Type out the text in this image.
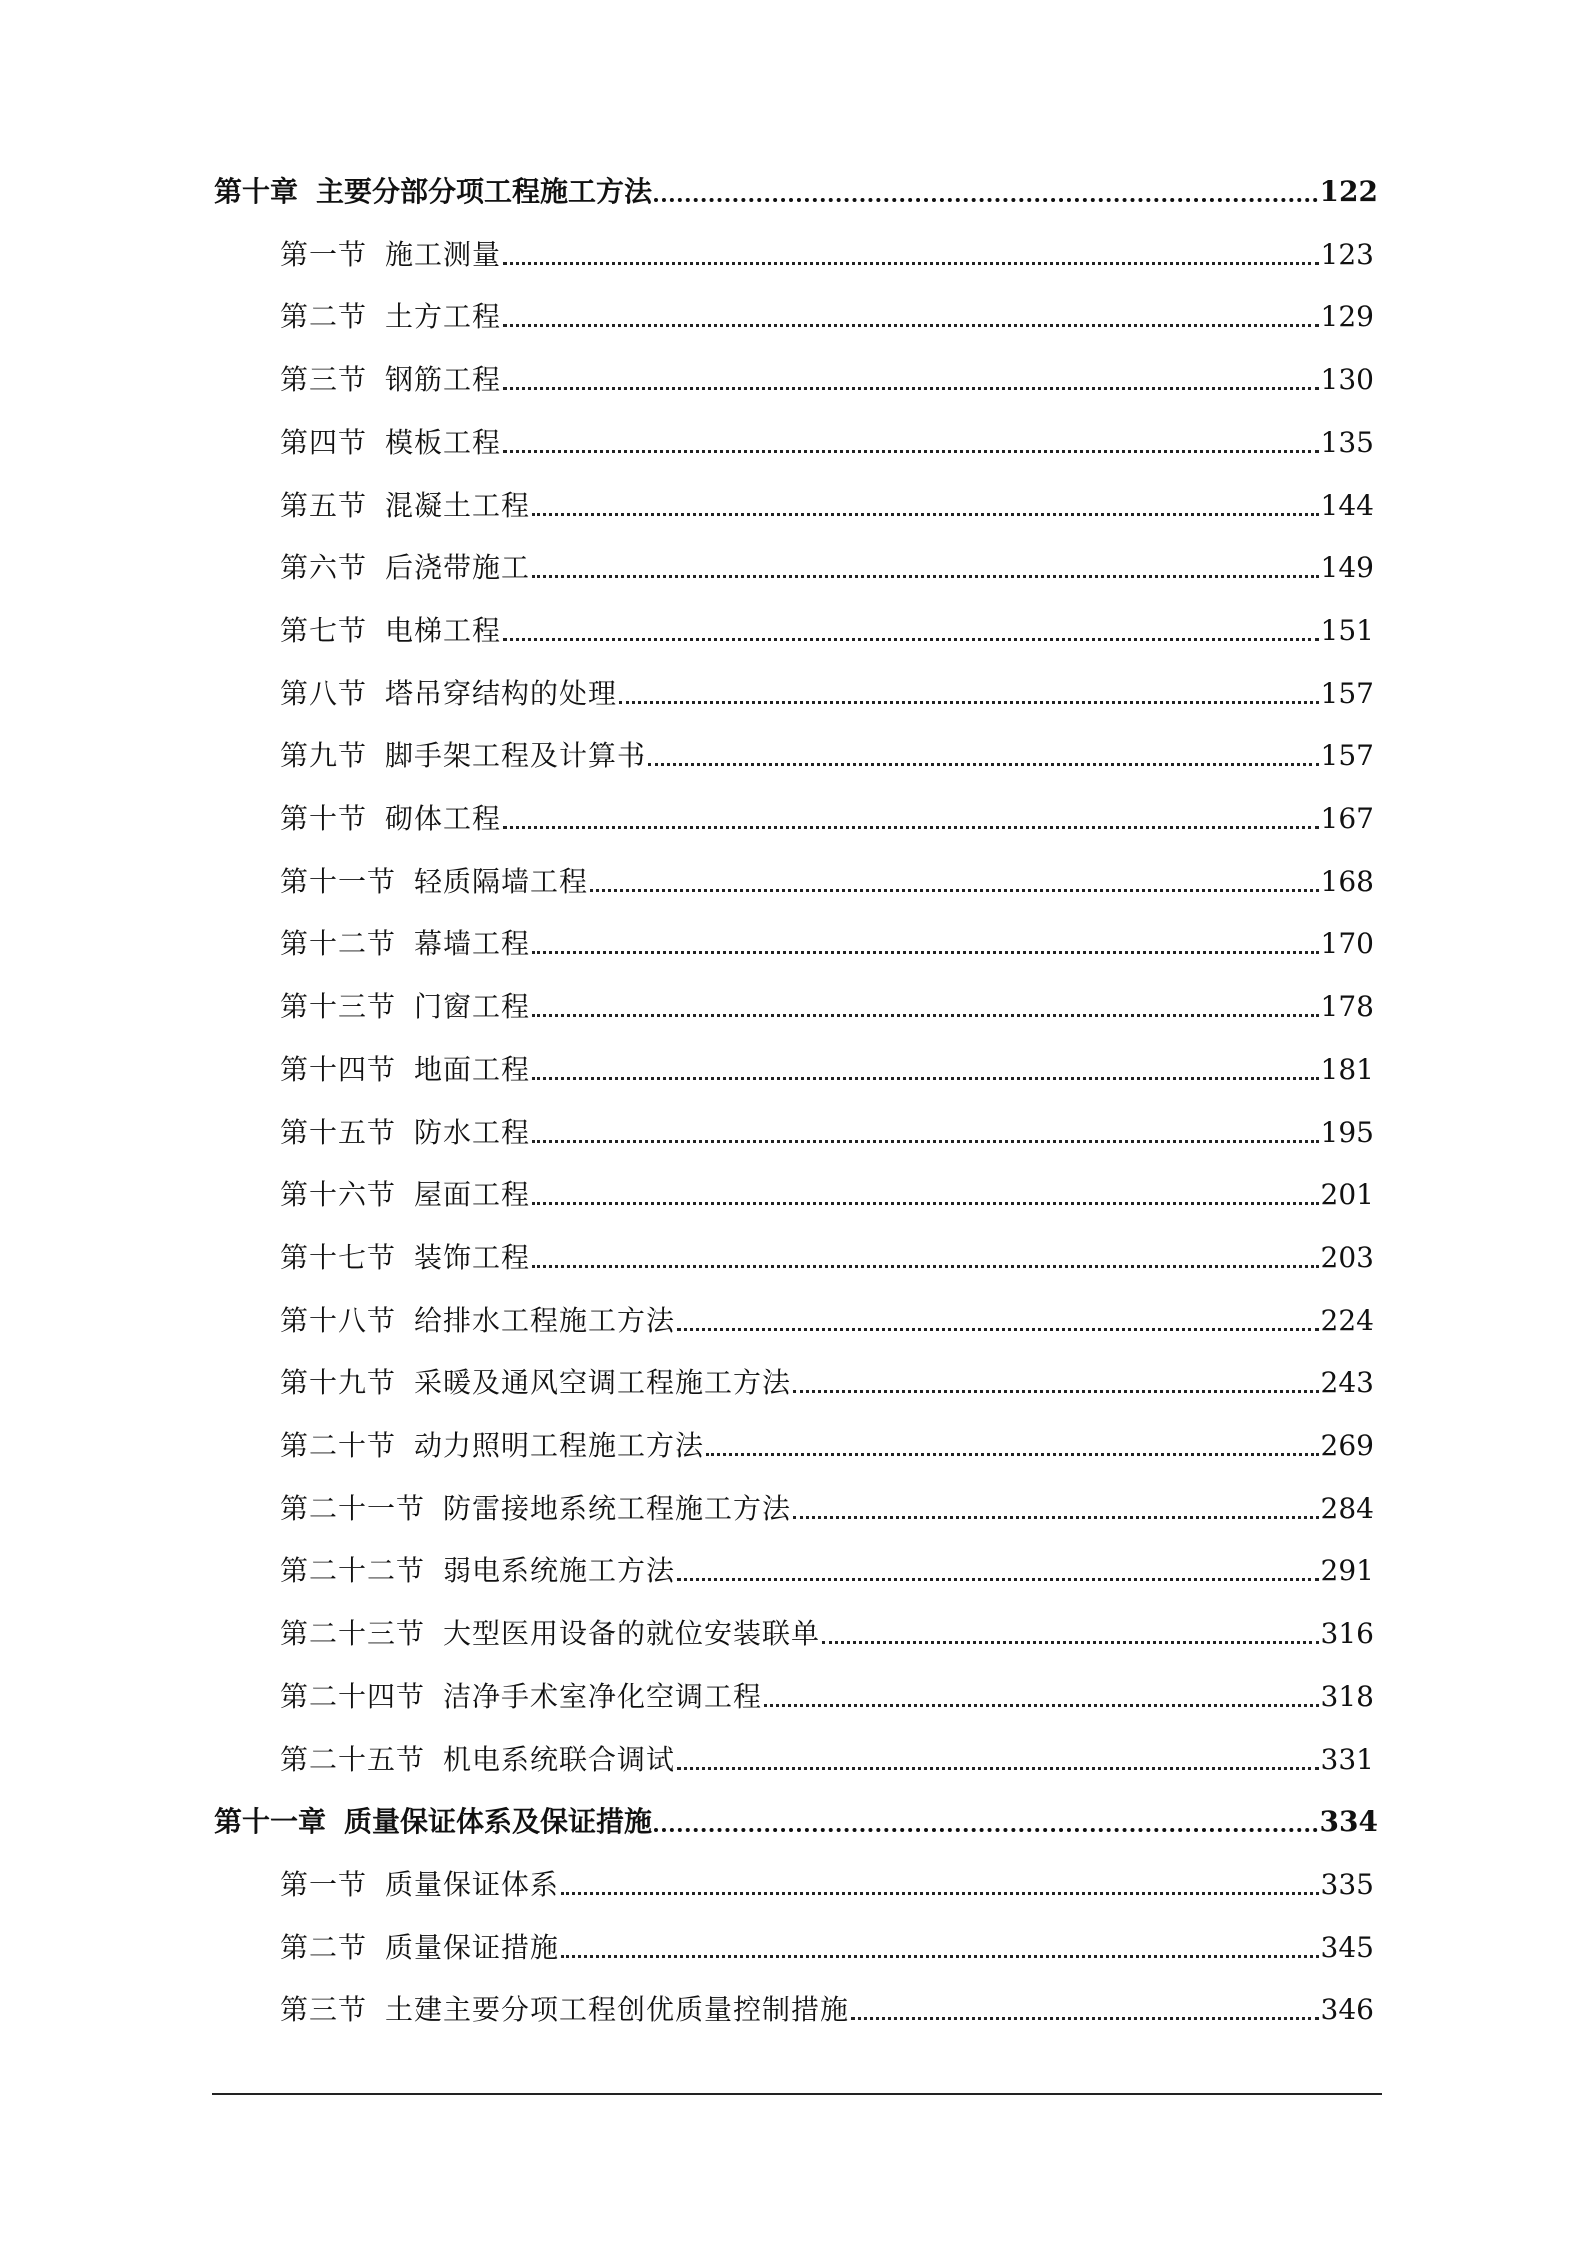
第十章 主要分部分项工程施工方法	122
第一节 施工测量	123
第二节 土方工程	129
第三节 钢筋工程	130
第四节 模板工程	135
第五节 混凝土工程	144
第六节 后浇带施工	149
第七节 电梯工程	151
第八节 塔吊穿结构的处理	157
第九节 脚手架工程及计算书	157
第十节 砌体工程	167
第十一节 轻质隔墙工程	168
第十二节 幕墙工程	170
第十三节 门窗工程	178
第十四节 地面工程	181
第十五节 防水工程	195
第十六节 屋面工程	201
第十七节 装饰工程	203
第十八节 给排水工程施工方法	224
第十九节 采暖及通风空调工程施工方法	243
第二十节 动力照明工程施工方法	269
第二十一节 防雷接地系统工程施工方法	284
第二十二节 弱电系统施工方法	291
第二十三节 大型医用设备的就位安装联单	316
第二十四节 洁净手术室净化空调工程	318
第二十五节 机电系统联合调试	331
第十一章 质量保证体系及保证措施	334
第一节 质量保证体系	335
第二节 质量保证措施	345
第三节 土建主要分项工程创优质量控制措施	346
